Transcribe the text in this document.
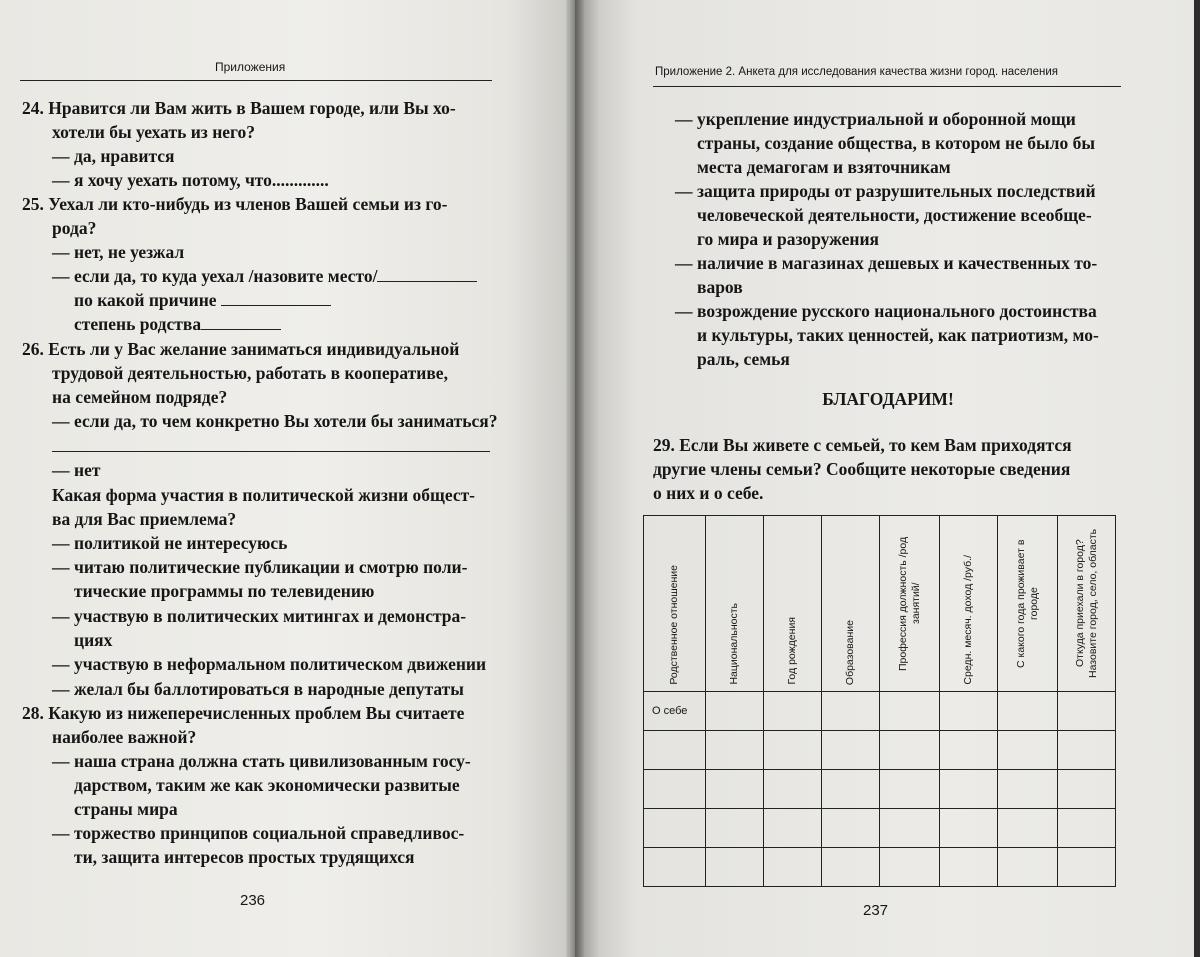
Приложения
24. Нравится ли Вам жить в Вашем городе, или Вы хо-
хотели бы уехать из него?
— да, нравится
— я хочу уехать потому, что.............
25. Уехал ли кто-нибудь из членов Вашей семьи из го-
рода?
— нет, не уезжал
— если да, то куда уехал /назовите место/
по какой причине
степень родства
26. Есть ли у Вас желание заниматься индивидуальной
трудовой деятельностью, работать в кооперативе,
на семейном подряде?
— если да, то чем конкретно Вы хотели бы заниматься?
— нет
Какая форма участия в политической жизни общест-
ва для Вас приемлема?
— политикой не интересуюсь
— читаю политические публикации и смотрю поли-
тические программы по телевидению
— участвую в политических митингах и демонстра-
циях
— участвую в неформальном политическом движении
— желал бы баллотироваться в народные депутаты
28. Какую из нижеперечисленных проблем Вы считаете
наиболее важной?
— наша страна должна стать цивилизованным госу-
дарством, таким же как экономически развитые
страны мира
— торжество принципов социальной справедливос-
ти, защита интересов простых трудящихся
236
Приложение 2. Анкета для исследования качества жизни город. населения
— укрепление индустриальной и оборонной мощи
страны, создание общества, в котором не было бы
места демагогам и взяточникам
— защита природы от разрушительных последствий
человеческой деятельности, достижение всеобще-
го мира и разоружения
— наличие в магазинах дешевых и качественных то-
варов
— возрождение русского национального достоинства
и культуры, таких ценностей, как патриотизм, мо-
раль, семья
БЛАГОДАРИМ!
29. Если Вы живете с семьей, то кем Вам приходятся
другие члены семьи? Сообщите некоторые сведения
о них и о себе.
Родственное отношение	Национальность	Год рождения	Образование	Профессия должность /род занятий/	Средн. месяч. доход /руб./	С какого года проживает в городе	Откуда приехали в город? Назовите город, село, область

О себе							

237
